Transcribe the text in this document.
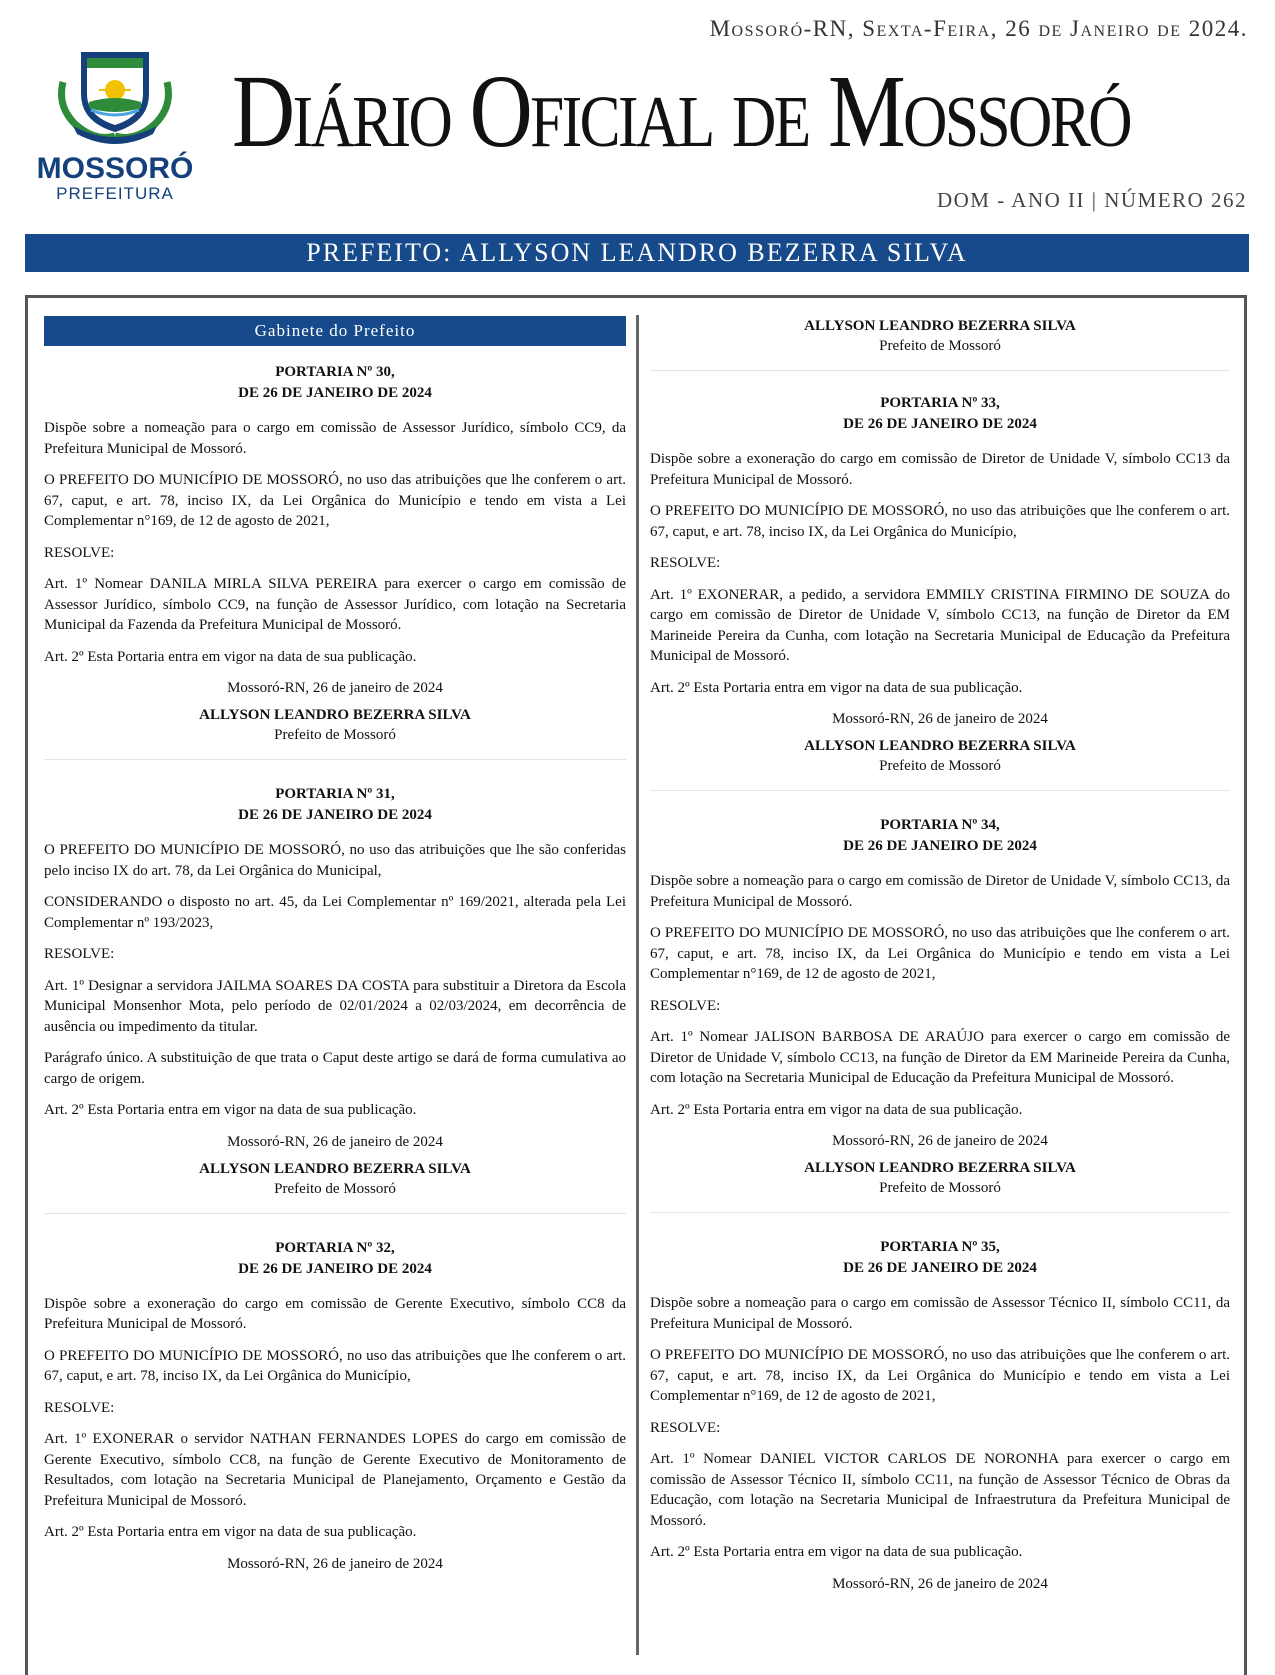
MOSSORÓ
PREFEITURA
Mossoró-RN, Sexta-Feira, 26 de Janeiro de 2024.
Diário Oficial de Mossoró
DOM - ANO II | NÚMERO 262
PREFEITO: ALLYSON LEANDRO BEZERRA SILVA
Gabinete do Prefeito
PORTARIA Nº 30,
DE 26 DE JANEIRO DE 2024

Dispõe sobre a nomeação para o cargo em comissão de Assessor Jurídico, símbolo CC9, da Prefeitura Municipal de Mossoró.

O PREFEITO DO MUNICÍPIO DE MOSSORÓ, no uso das atribuições que lhe conferem o art. 67, caput, e art. 78, inciso IX, da Lei Orgânica do Município e tendo em vista a Lei Complementar n°169, de 12 de agosto de 2021,

RESOLVE:

Art. 1º Nomear DANILA MIRLA SILVA PEREIRA para exercer o cargo em comissão de Assessor Jurídico, símbolo CC9, na função de Assessor Jurídico, com lotação na Secretaria Municipal da Fazenda da Prefeitura Municipal de Mossoró.

Art. 2º Esta Portaria entra em vigor na data de sua publicação.

Mossoró-RN, 26 de janeiro de 2024
ALLYSON LEANDRO BEZERRA SILVA
Prefeito de Mossoró
PORTARIA Nº 31,
DE 26 DE JANEIRO DE 2024

O PREFEITO DO MUNICÍPIO DE MOSSORÓ, no uso das atribuições que lhe são conferidas pelo inciso IX do art. 78, da Lei Orgânica do Municipal,

CONSIDERANDO o disposto no art. 45, da Lei Complementar nº 169/2021, alterada pela Lei Complementar nº 193/2023,

RESOLVE:

Art. 1º Designar a servidora JAILMA SOARES DA COSTA para substituir a Diretora da Escola Municipal Monsenhor Mota, pelo período de 02/01/2024 a 02/03/2024, em decorrência de ausência ou impedimento da titular.

Parágrafo único. A substituição de que trata o Caput deste artigo se dará de forma cumulativa ao cargo de origem.

Art. 2º Esta Portaria entra em vigor na data de sua publicação.

Mossoró-RN, 26 de janeiro de 2024
ALLYSON LEANDRO BEZERRA SILVA
Prefeito de Mossoró
PORTARIA Nº 32,
DE 26 DE JANEIRO DE 2024

Dispõe sobre a exoneração do cargo em comissão de Gerente Executivo, símbolo CC8 da Prefeitura Municipal de Mossoró.

O PREFEITO DO MUNICÍPIO DE MOSSORÓ, no uso das atribuições que lhe conferem o art. 67, caput, e art. 78, inciso IX, da Lei Orgânica do Município,

RESOLVE:

Art. 1º EXONERAR o servidor NATHAN FERNANDES LOPES do cargo em comissão de Gerente Executivo, símbolo CC8, na função de Gerente Executivo de Monitoramento de Resultados, com lotação na Secretaria Municipal de Planejamento, Orçamento e Gestão da Prefeitura Municipal de Mossoró.

Art. 2º Esta Portaria entra em vigor na data de sua publicação.

Mossoró-RN, 26 de janeiro de 2024
ALLYSON LEANDRO BEZERRA SILVA
Prefeito de Mossoró
PORTARIA Nº 33,
DE 26 DE JANEIRO DE 2024

Dispõe sobre a exoneração do cargo em comissão de Diretor de Unidade V, símbolo CC13 da Prefeitura Municipal de Mossoró.

O PREFEITO DO MUNICÍPIO DE MOSSORÓ, no uso das atribuições que lhe conferem o art. 67, caput, e art. 78, inciso IX, da Lei Orgânica do Município,

RESOLVE:

Art. 1º EXONERAR, a pedido, a servidora EMMILY CRISTINA FIRMINO DE SOUZA do cargo em comissão de Diretor de Unidade V, símbolo CC13, na função de Diretor da EM Marineide Pereira da Cunha, com lotação na Secretaria Municipal de Educação da Prefeitura Municipal de Mossoró.

Art. 2º Esta Portaria entra em vigor na data de sua publicação.

Mossoró-RN, 26 de janeiro de 2024
ALLYSON LEANDRO BEZERRA SILVA
Prefeito de Mossoró
PORTARIA Nº 34,
DE 26 DE JANEIRO DE 2024

Dispõe sobre a nomeação para o cargo em comissão de Diretor de Unidade V, símbolo CC13, da Prefeitura Municipal de Mossoró.

O PREFEITO DO MUNICÍPIO DE MOSSORÓ, no uso das atribuições que lhe conferem o art. 67, caput, e art. 78, inciso IX, da Lei Orgânica do Município e tendo em vista a Lei Complementar n°169, de 12 de agosto de 2021,

RESOLVE:

Art. 1º Nomear JALISON BARBOSA DE ARAÚJO para exercer o cargo em comissão de Diretor de Unidade V, símbolo CC13, na função de Diretor da EM Marineide Pereira da Cunha, com lotação na Secretaria Municipal de Educação da Prefeitura Municipal de Mossoró.

Art. 2º Esta Portaria entra em vigor na data de sua publicação.

Mossoró-RN, 26 de janeiro de 2024
ALLYSON LEANDRO BEZERRA SILVA
Prefeito de Mossoró
PORTARIA Nº 35,
DE 26 DE JANEIRO DE 2024

Dispõe sobre a nomeação para o cargo em comissão de Assessor Técnico II, símbolo CC11, da Prefeitura Municipal de Mossoró.

O PREFEITO DO MUNICÍPIO DE MOSSORÓ, no uso das atribuições que lhe conferem o art. 67, caput, e art. 78, inciso IX, da Lei Orgânica do Município e tendo em vista a Lei Complementar n°169, de 12 de agosto de 2021,

RESOLVE:

Art. 1º Nomear DANIEL VICTOR CARLOS DE NORONHA para exercer o cargo em comissão de Assessor Técnico II, símbolo CC11, na função de Assessor Técnico de Obras da Educação, com lotação na Secretaria Municipal de Infraestrutura da Prefeitura Municipal de Mossoró.

Art. 2º Esta Portaria entra em vigor na data de sua publicação.

Mossoró-RN, 26 de janeiro de 2024
